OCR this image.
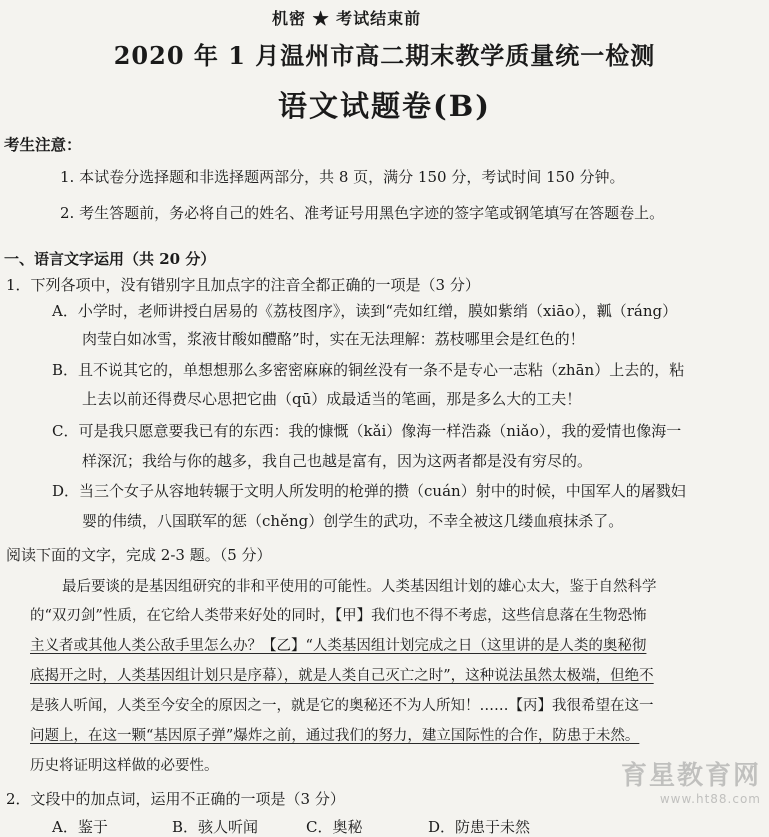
机密 ★ 考试结束前
2020 年 1 月温州市高二期末教学质量统一检测
语文试题卷(B)
考生注意：
1. 本试卷分选择题和非选择题两部分，共 8 页，满分 150 分，考试时间 150 分钟。
2. 考生答题前，务必将自己的姓名、准考证号用黑色字迹的签字笔或钢笔填写在答题卷上。
一、语言文字运用（共 20 分）
1．下列各项中，没有错别字且加点字的注音全都正确的一项是（3 分）
A．小学时，老师讲授白居易的《荔枝图序》，读到“壳如红缯，膜如紫绡（xiāo），瓤（ráng）
肉莹白如冰雪，浆液甘酸如醴酪”时，实在无法理解：荔枝哪里会是红色的！
B．且不说其它的，单想想那么多密密麻麻的铜丝没有一条不是专心一志粘（zhān）上去的，粘
上去以前还得费尽心思把它曲（qū）成最适当的笔画，那是多么大的工夫！
C．可是我只愿意要我已有的东西：我的慷慨（kǎi）像海一样浩淼（niǎo），我的爱情也像海一
样深沉；我给与你的越多，我自己也越是富有，因为这两者都是没有穷尽的。
D．当三个女子从容地转辗于文明人所发明的枪弹的攒（cuán）射中的时候，中国军人的屠戮妇
婴的伟绩，八国联军的惩（chěng）创学生的武功，不幸全被这几缕血痕抹杀了。
阅读下面的文字，完成 2-3 题。（5 分）
最后要谈的是基因组研究的非和平使用的可能性。人类基因组计划的雄心太大，鉴于自然科学
的“双刃剑”性质，在它给人类带来好处的同时，【甲】我们也不得不考虑，这些信息落在生物恐怖
主义者或其他人类公敌手里怎么办？【乙】“人类基因组计划完成之日（这里讲的是人类的奥秘彻
底揭开之时，人类基因组计划只是序幕），就是人类自己灭亡之时”，这种说法虽然太极端，但绝不
是骇人听闻，人类至今安全的原因之一，就是它的奥秘还不为人所知！……【丙】我很希望在这一
问题上，在这一颗“基因原子弹”爆炸之前，通过我们的努力，建立国际性的合作，防患于未然。
历史将证明这样做的必要性。
2．文段中的加点词，运用不正确的一项是（3 分）
A．鉴于	B．骇人听闻	C．奥秘	D．防患于未然
育星教育网
www.ht88.com
